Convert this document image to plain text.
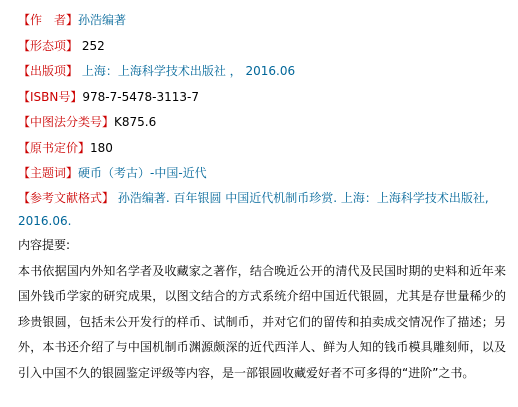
【作　者】孙浩编著
【形态项】 252
【出版项】 上海：上海科学技术出版社 ， 2016.06
【ISBN号】978-7-5478-3113-7
【中图法分类号】K875.6
【原书定价】180
【主题词】硬币（考古）-中国-近代
【参考文献格式】 孙浩编著. 百年银圆 中国近代机制币珍赏. 上海：上海科学技术出版社, 2016.06.
内容提要:
本书依据国内外知名学者及收藏家之著作，结合晚近公开的清代及民国时期的史料和近年来国外钱币学家的研究成果，以图文结合的方式系统介绍中国近代银圆，尤其是存世量稀少的珍贵银圆，包括未公开发行的样币、试制币，并对它们的留传和拍卖成交情况作了描述；另外，本书还介绍了与中国机制币渊源颇深的近代西洋人、鲜为人知的钱币模具雕刻师，以及引入中国不久的银圆鉴定评级等内容，是一部银圆收藏爱好者不可多得的“进阶”之书。
